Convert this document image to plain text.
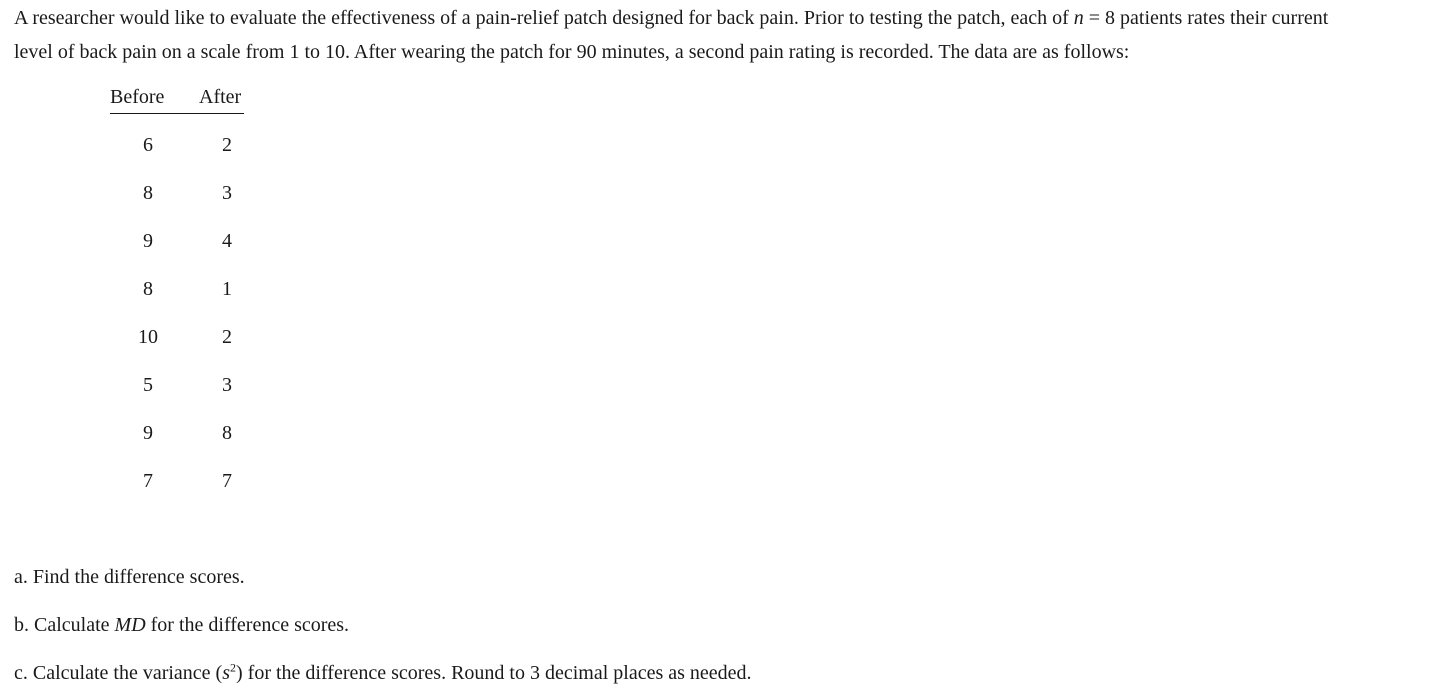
A researcher would like to evaluate the effectiveness of a pain-relief patch designed for back pain. Prior to testing the patch, each of n = 8 patients rates their current
level of back pain on a scale from 1 to 10. After wearing the patch for 90 minutes, a second pain rating is recorded. The data are as follows:
Before After
6	2
8	3
9	4
8	1
10	2
5	3
9	8
7	7

a. Find the difference scores.

b. Calculate MD for the difference scores.

c. Calculate the variance $(s^2)$ for the difference scores. Round to 3 decimal places as needed.
